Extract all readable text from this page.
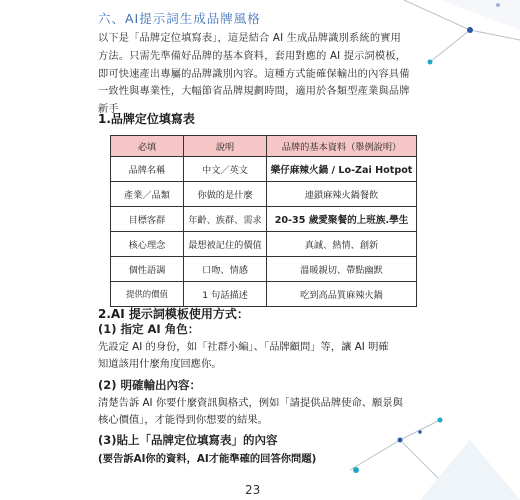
六、AI提示詞生成品牌風格

以下是「品牌定位填寫表」，這是結合 AI 生成品牌識別系統的實用

方法。只需先準備好品牌的基本資料，套用對應的 AI 提示詞模板，

即可快速產出專屬的品牌識別內容。這種方式能確保輸出的內容具備

一致性與專業性，大幅節省品牌規劃時間，適用於各類型產業與品牌

新手

1.品牌定位填寫表
必填	說明	品牌的基本資料（舉例說明）
品牌名稱	中文／英文	樂仔麻辣火鍋 / Lo-Zai Hotpot
產業／品類	你做的是什麼	連鎖麻辣火鍋餐飲
目標客群	年齡、族群、需求	20-35 歲愛聚餐的上班族.學生
核心理念	最想被記住的價值	真誠、熱情、創新
個性語調	口吻、情感	溫暖親切、帶點幽默
提供的價值	1 句話描述	吃到高品質麻辣火鍋
2.AI 提示詞模板使用方式：
(1) 指定 AI 角色：
先設定 AI 的身份，如「社群小編」、「品牌顧問」等，讓 AI 明確
知道該用什麼角度回應你。
(2) 明確輸出內容：
清楚告訴 AI 你要什麼資訊與格式，例如「請提供品牌使命、願景與
核心價值」，才能得到你想要的結果。
(3)貼上「品牌定位填寫表」的內容
(要告訴AI你的資料，AI才能準確的回答你問題)
23
